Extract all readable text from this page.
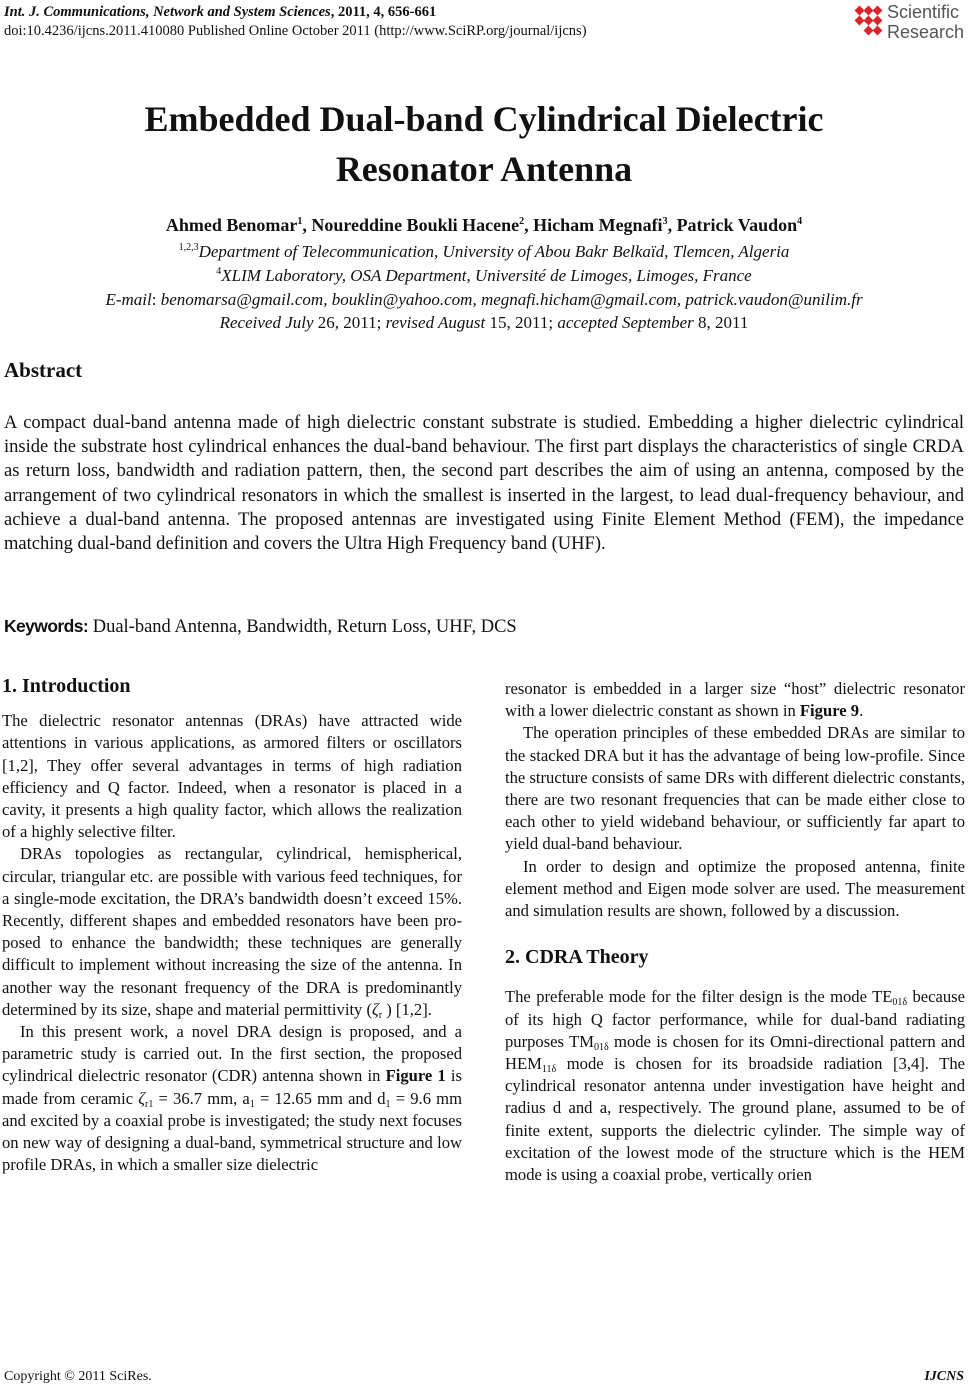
Int. J. Communications, Network and System Sciences, 2011, 4, 656-661
doi:10.4236/ijcns.2011.410080 Published Online October 2011 (http://www.SciRP.org/journal/ijcns)
Scientific
Research
Embedded Dual-band Cylindrical Dielectric
Resonator Antenna
Ahmed Benomar$^1$, Noureddine Boukli Hacene$^2$, Hicham Megnafi$^3$, Patrick Vaudon$^4$
$^{1,2,3}$Department of Telecommunication, University of Abou Bakr Belkaïd, Tlemcen, Algeria
$^4$XLIM Laboratory, OSA Department, Université de Limoges, Limoges, France
E-mail: benomarsa@gmail.com, bouklin@yahoo.com, megnafi.hicham@gmail.com, patrick.vaudon@unilim.fr
Received July 26, 2011; revised August 15, 2011; accepted September 8, 2011
Abstract
A compact dual-band antenna made of high dielectric constant substrate is studied. Embedding a higher dielectric cylindrical inside the substrate host cylindrical enhances the dual-band behaviour. The first part displays the characteristics of single CRDA as return loss, bandwidth and radiation pattern, then, the second part describes the aim of using an antenna, composed by the arrangement of two cylindrical resonators in which the smallest is inserted in the largest, to lead dual-frequency behaviour, and achieve a dual-band antenna. The proposed antennas are investigated using Finite Element Method (FEM), the impedance matching dual-band definition and covers the Ultra High Frequency band (UHF).
Keywords: Dual-band Antenna, Bandwidth, Return Loss, UHF, DCS
1. Introduction

The dielectric resonator antennas (DRAs) have attracted wide attentions in various applications, as armored filters or oscillators [1,2], They offer several advantages in terms of high radiation efficiency and Q factor. Indeed, when a resonator is placed in a cavity, it presents a high quality factor, which allows the realization of a highly selective filter.

DRAs topologies as rectangular, cylindrical, hemispherical, circular, triangular etc. are possible with various feed techniques, for a single-mode excitation, the DRA’s bandwidth doesn’t exceed 15%. Recently, different shapes and embedded resonators have been proposed to enhance the bandwidth; these techniques are generally difficult to implement without increasing the size of the antenna. In another way the resonant frequency of the DRA is predominantly determined by its size, shape and material permittivity ($\zeta_r$ ) [1,2].

In this present work, a novel DRA design is proposed, and a parametric study is carried out. In the first section, the proposed cylindrical dielectric resonator (CDR) antenna shown in Figure 1 is made from ceramic $\zeta_{r1} = 36.7$ mm, $a_1 = 12.65$ mm and $d_1 = 9.6$ mm and excited by a coaxial probe is investigated; the study next focuses on new way of designing a dual-band, symmetrical structure and low profile DRAs, in which a smaller size dielectric

resonator is embedded in a larger size “host” dielectric resonator with a lower dielectric constant as shown in Figure 9.

The operation principles of these embedded DRAs are similar to the stacked DRA but it has the advantage of being low-profile. Since the structure consists of same DRs with different dielectric constants, there are two resonant frequencies that can be made either close to each other to yield wideband behaviour, or sufficiently far apart to yield dual-band behaviour.

In order to design and optimize the proposed antenna, finite element method and Eigen mode solver are used. The measurement and simulation results are shown, followed by a discussion.

2. CDRA Theory

The preferable mode for the filter design is the mode $TE_{01\delta}$ because of its high Q factor performance, while for dual-band radiating purposes $TM_{01\delta}$ mode is chosen for its Omni-directional pattern and $HEM_{11\delta}$ mode is chosen for its broadside radiation [3,4]. The cylindrical resonator antenna under investigation have height and radius d and a, respectively. The ground plane, assumed to be of finite extent, supports the dielectric cylinder. The simple way of excitation of the lowest mode of the structure which is the HEM mode is using a coaxial probe, vertically orien

Copyright © 2011 SciRes.	IJCNS
